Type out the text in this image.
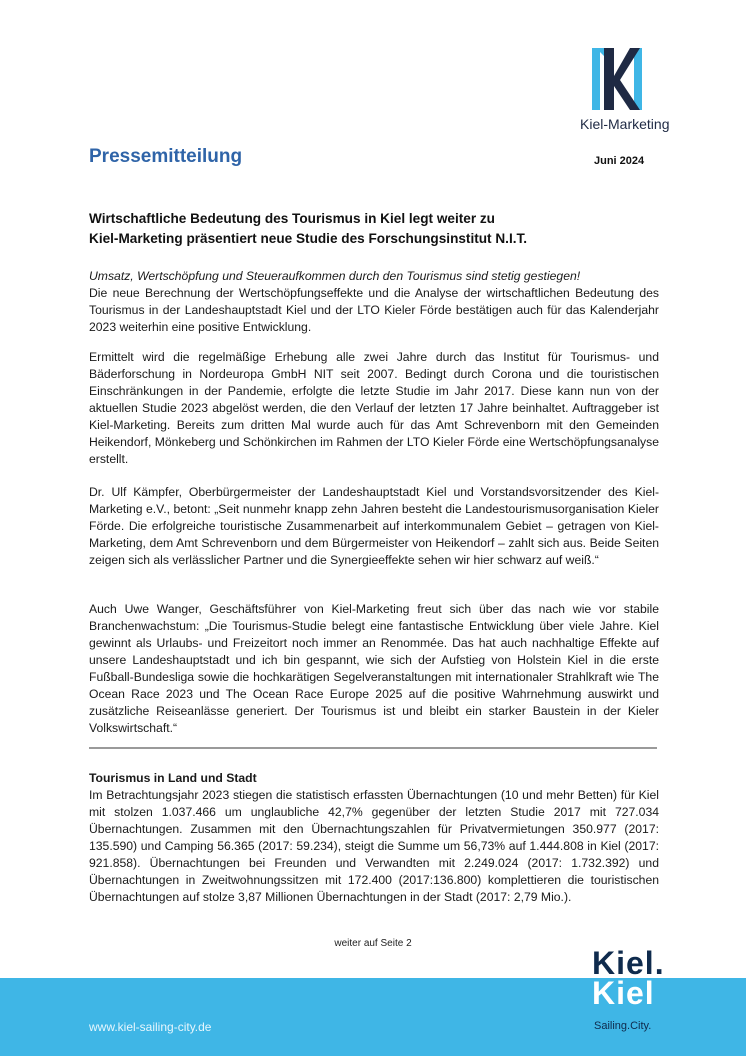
Kiel-Marketing
Pressemitteilung	Juni 2024
Wirtschaftliche Bedeutung des Tourismus in Kiel legt weiter zu
Kiel-Marketing präsentiert neue Studie des Forschungsinstitut N.I.T.

Umsatz, Wertschöpfung und Steueraufkommen durch den Tourismus sind stetig gestiegen!

Die neue Berechnung der Wertschöpfungseffekte und die Analyse der wirtschaftlichen Bedeutung des Tourismus in der Landeshauptstadt Kiel und der LTO Kieler Förde bestätigen auch für das Kalenderjahr 2023 weiterhin eine positive Entwicklung.

Ermittelt wird die regelmäßige Erhebung alle zwei Jahre durch das Institut für Tourismus- und Bäderforschung in Nordeuropa GmbH NIT seit 2007. Bedingt durch Corona und die touristischen Einschränkungen in der Pandemie, erfolgte die letzte Studie im Jahr 2017. Diese kann nun von der aktuellen Studie 2023 abgelöst werden, die den Verlauf der letzten 17 Jahre beinhaltet. Auftraggeber ist Kiel-Marketing. Bereits zum dritten Mal wurde auch für das Amt Schrevenborn mit den Gemeinden Heikendorf, Mönkeberg und Schönkirchen im Rahmen der LTO Kieler Förde eine Wertschöpfungsanalyse erstellt.
Dr. Ulf Kämpfer, Oberbürgermeister der Landeshauptstadt Kiel und Vorstandsvorsitzender des Kiel-Marketing e.V., betont: „Seit nunmehr knapp zehn Jahren besteht die Landestourismusorganisation Kieler Förde. Die erfolgreiche touristische Zusammenarbeit auf interkommunalem Gebiet – getragen von Kiel-Marketing, dem Amt Schrevenborn und dem Bürgermeister von Heikendorf – zahlt sich aus. Beide Seiten zeigen sich als verlässlicher Partner und die Synergieeffekte sehen wir hier schwarz auf weiß.“
Auch Uwe Wanger, Geschäftsführer von Kiel-Marketing freut sich über das nach wie vor stabile Branchenwachstum: „Die Tourismus-Studie belegt eine fantastische Entwicklung über viele Jahre. Kiel gewinnt als Urlaubs- und Freizeitort noch immer an Renommée. Das hat auch nachhaltige Effekte auf unsere Landeshauptstadt und ich bin gespannt, wie sich der Aufstieg von Holstein Kiel in die erste Fußball-Bundesliga sowie die hochkarätigen Segelveranstaltungen mit internationaler Strahlkraft wie The Ocean Race 2023 und The Ocean Race Europe 2025 auf die positive Wahrnehmung auswirkt und zusätzliche Reiseanlässe generiert. Der Tourismus ist und bleibt ein starker Baustein in der Kieler Volkswirtschaft.“

Tourismus in Land und Stadt

Im Betrachtungsjahr 2023 stiegen die statistisch erfassten Übernachtungen (10 und mehr Betten) für Kiel mit stolzen 1.037.466 um unglaubliche 42,7% gegenüber der letzten Studie 2017 mit 727.034 Übernachtungen. Zusammen mit den Übernachtungszahlen für Privatvermietungen 350.977 (2017: 135.590) und Camping 56.365 (2017: 59.234), steigt die Summe um 56,73% auf 1.444.808 in Kiel (2017: 921.858). Übernachtungen bei Freunden und Verwandten mit 2.249.024 (2017: 1.732.392) und Übernachtungen in Zweitwohnungssitzen mit 172.400 (2017:136.800) komplettieren die touristischen Übernachtungen auf stolze 3,87 Millionen Übernachtungen in der Stadt (2017: 2,79 Mio.).

weiter auf Seite 2
www.kiel-sailing-city.de
Kiel.
Kiel
Sailing.City.
